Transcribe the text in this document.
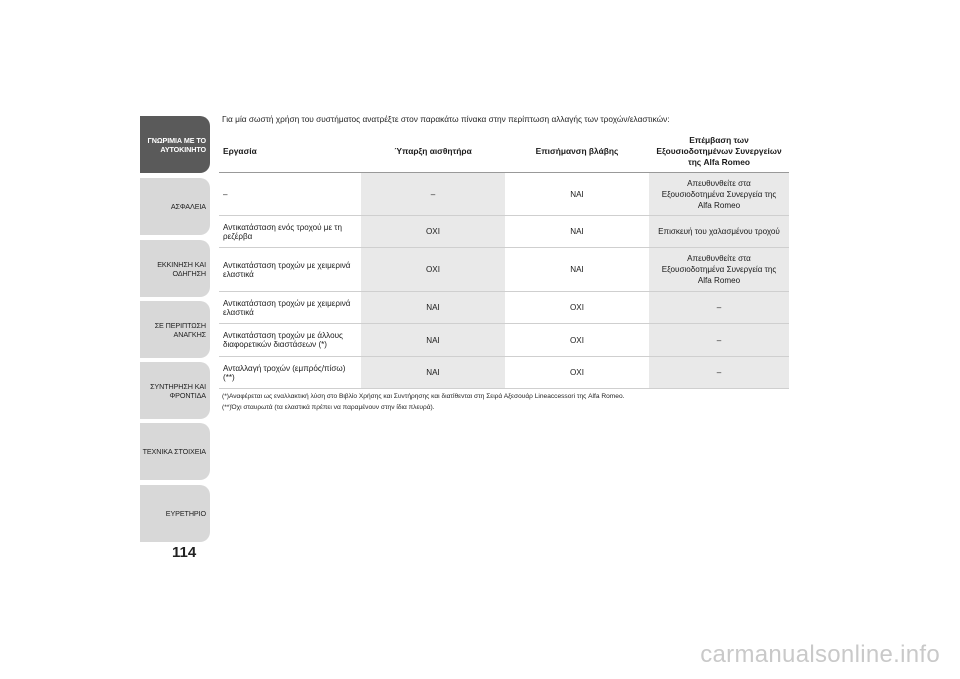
ΓΝΩΡΙΜΙΑ ΜΕ ΤΟ
ΑΥΤΟΚΙΝΗΤΟ
ΑΣΦΑΛΕΙΑ
ΕΚΚΙΝΗΣΗ ΚΑΙ
ΟΔΗΓΗΣΗ
ΣΕ ΠΕΡΙΠΤΩΣΗ
ΑΝΑΓΚΗΣ
ΣΥΝΤΗΡΗΣΗ ΚΑΙ
ΦΡΟΝΤΙΔΑ
ΤΕΧΝΙΚΑ ΣΤΟΙΧΕΙΑ
ΕΥΡΕΤΗΡΙΟ
114
Για μία σωστή χρήση του συστήματος ανατρέξτε στον παρακάτω πίνακα στην περίπτωση αλλαγής των τροχών/ελαστικών:
Εργασία	Ύπαρξη αισθητήρα	Επισήμανση βλάβης	Επέμβαση των
Εξουσιοδοτημένων Συνεργείων
της Alfa Romeo
–	–	ΝΑΙ	Απευθυνθείτε στα
Εξουσιοδοτημένα Συνεργεία της
Alfa Romeo
Αντικατάσταση ενός τροχού με τη ρεζέρβα	ΟΧΙ	ΝΑΙ	Επισκευή του χαλασμένου τροχού
Αντικατάσταση τροχών με χειμερινά ελαστικά	ΟΧΙ	ΝΑΙ	Απευθυνθείτε στα
Εξουσιοδοτημένα Συνεργεία της
Alfa Romeo
Αντικατάσταση τροχών με χειμερινά ελαστικά	ΝΑΙ	ΟΧΙ	–
Αντικατάσταση τροχών με άλλους διαφορετικών διαστάσεων (*)	ΝΑΙ	ΟΧΙ	–
Ανταλλαγή τροχών (εμπρός/πίσω)(**)	ΝΑΙ	ΟΧΙ	–
(*)Αναφέρεται ως εναλλακτική λύση στο Βιβλίο Χρήσης και Συντήρησης και διατίθενται στη Σειρά Αξεσουάρ Lineaccessori της Alfa Romeo.
(**)Όχι σταυρωτά (τα ελαστικά πρέπει να παραμένουν στην ίδια πλευρά).
carmanualsonline.info
